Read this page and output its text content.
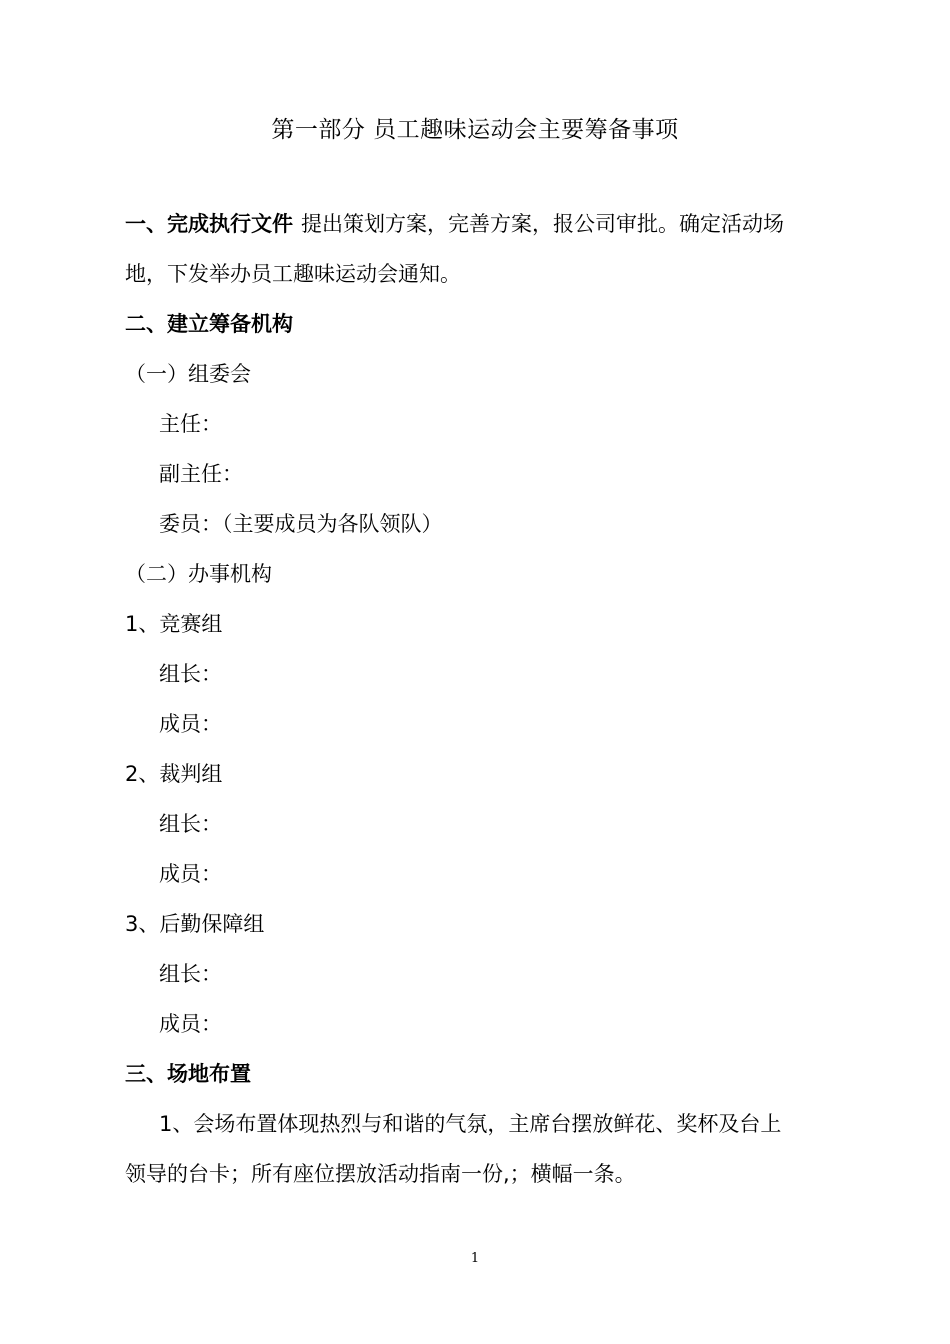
第一部分 员工趣味运动会主要筹备事项
一、完成执行文件 提出策划方案，完善方案，报公司审批。确定活动场
地，下发举办员工趣味运动会通知。
二、建立筹备机构
（一）组委会
主任：
副主任：
委员：（主要成员为各队领队）
（二）办事机构
1、竞赛组
组长：
成员：
2、裁判组
组长：
成员：
3、后勤保障组
组长：
成员：
三、场地布置
1、会场布置体现热烈与和谐的气氛，主席台摆放鲜花、奖杯及台上
领导的台卡；所有座位摆放活动指南一份,；横幅一条。
1
